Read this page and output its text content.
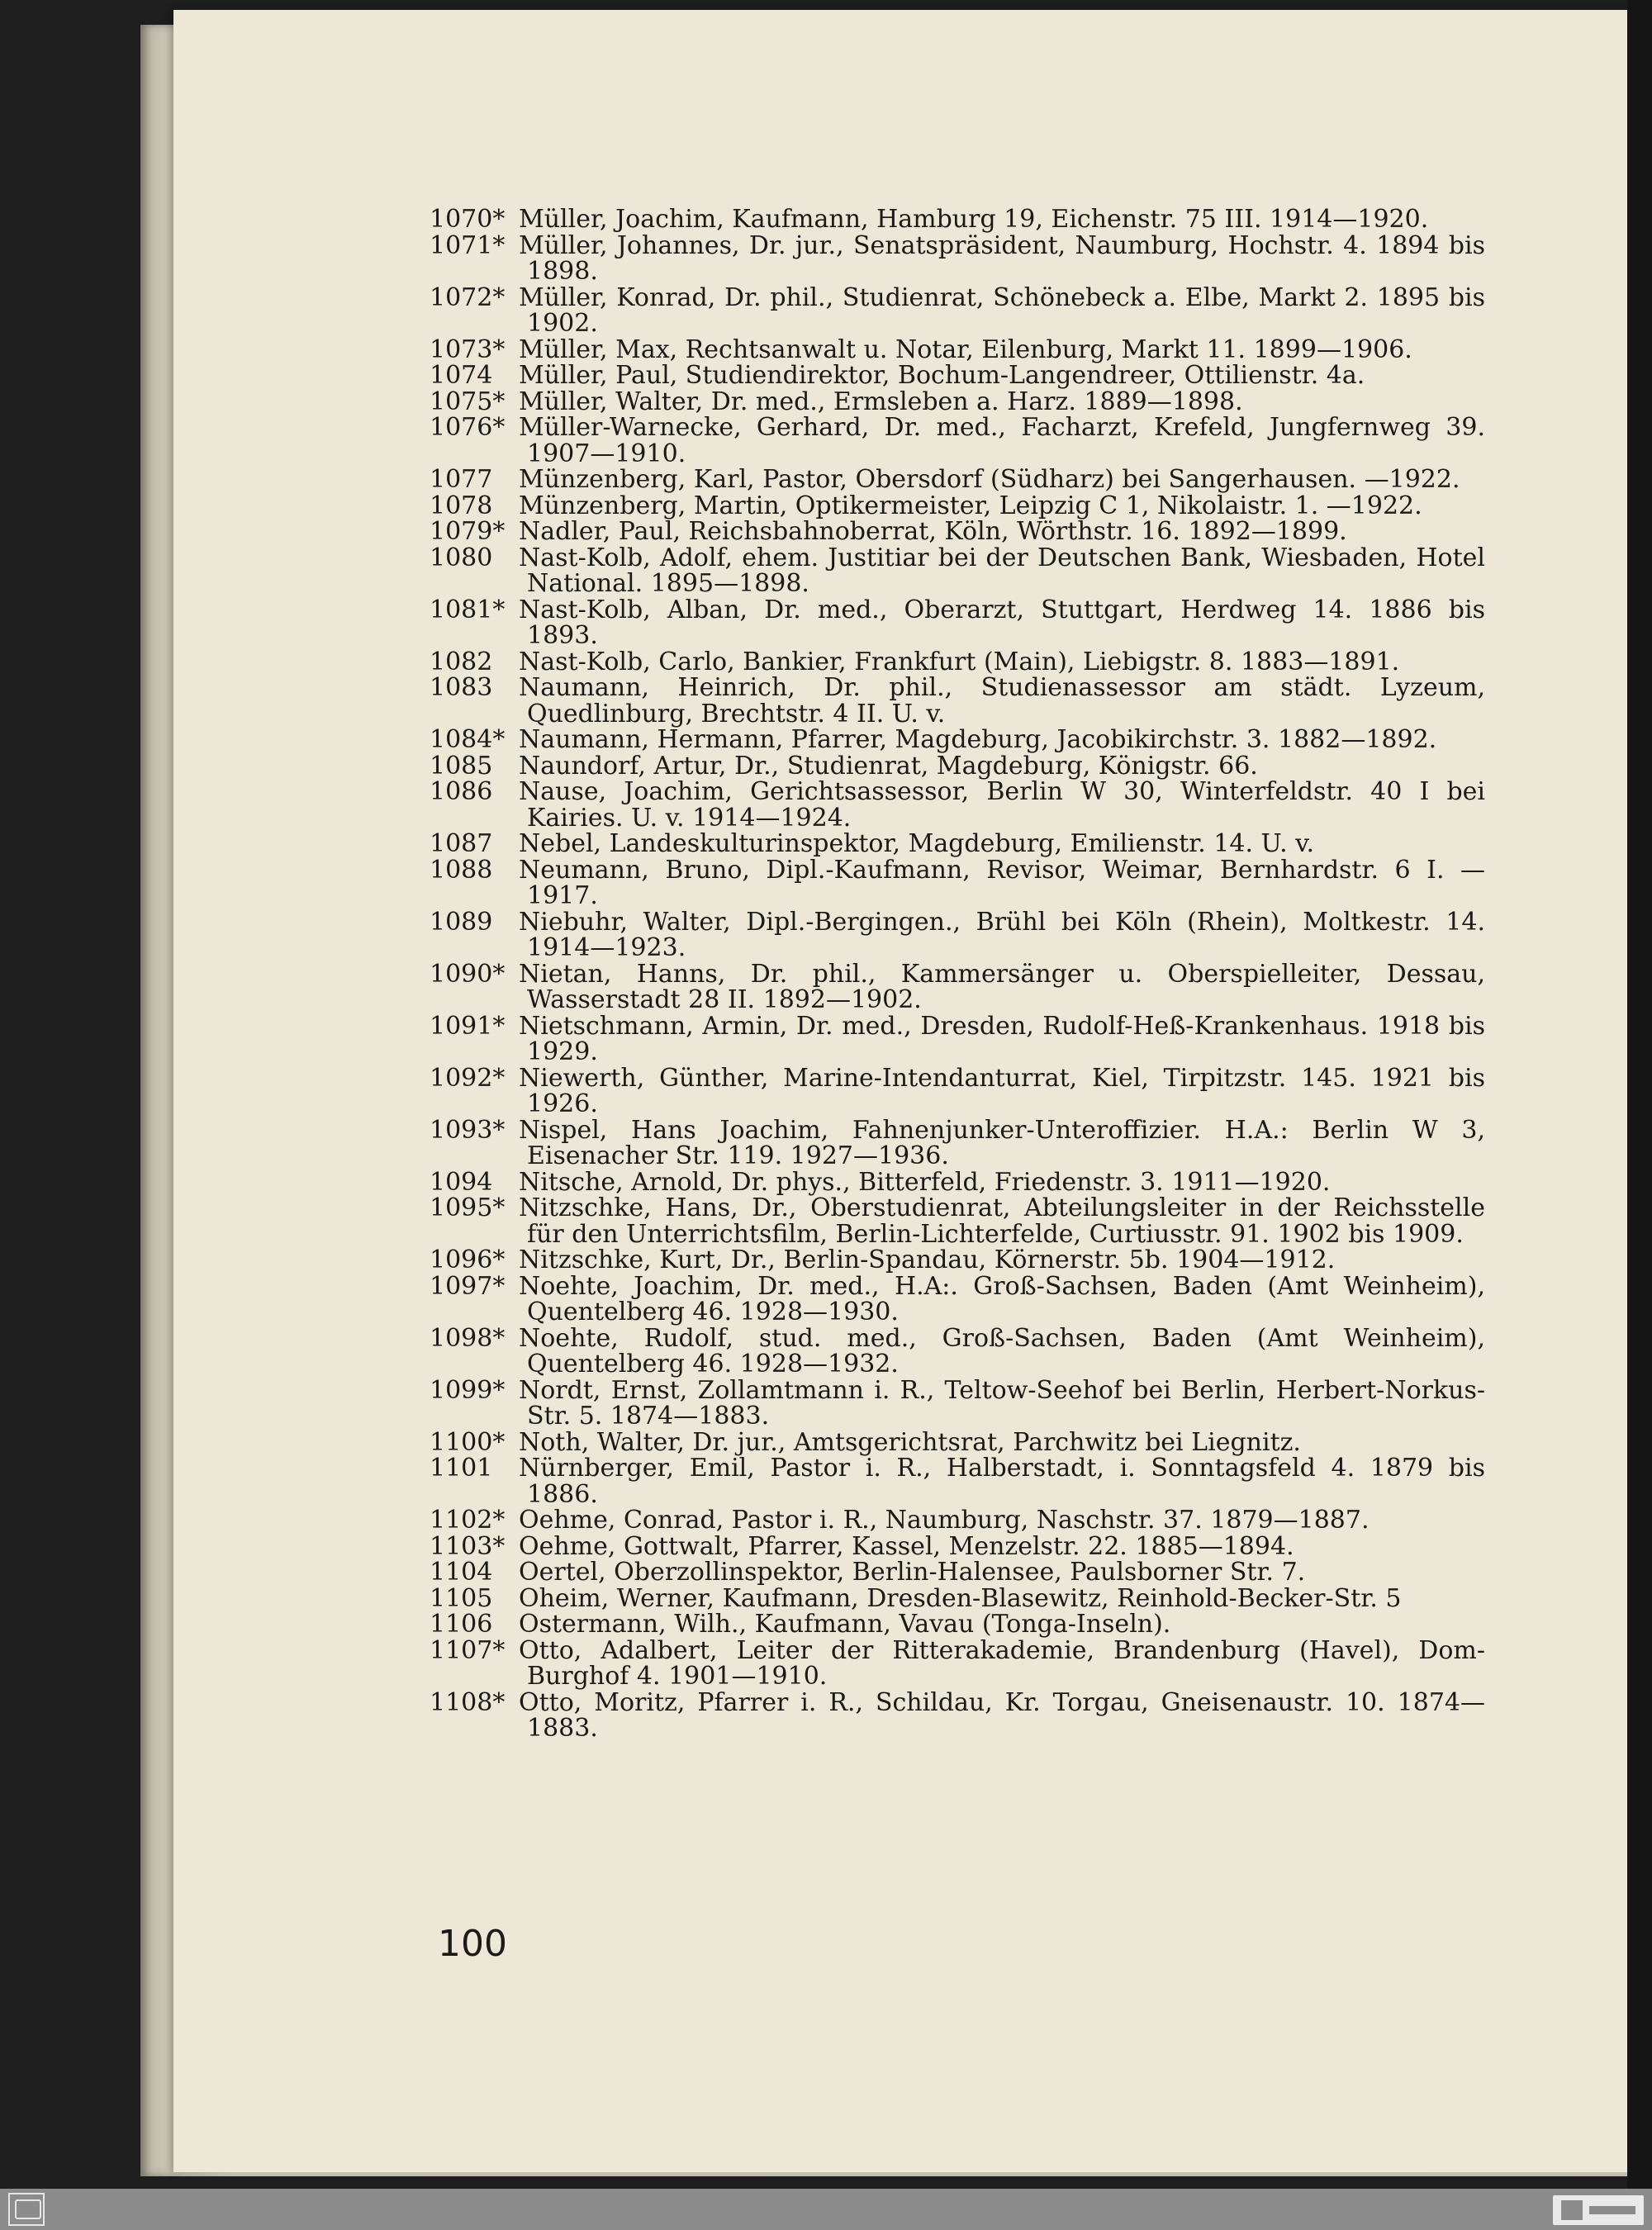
1070* Müller, Joachim, Kaufmann, Hamburg 19, Eichenstr. 75 III. 1914—1920.
1071* Müller, Johannes, Dr. jur., Senatspräsident, Naumburg, Hochstr. 4. 1894 bis 1898.
1072* Müller, Konrad, Dr. phil., Studienrat, Schönebeck a. Elbe, Markt 2. 1895 bis 1902.
1073* Müller, Max, Rechtsanwalt u. Notar, Eilenburg, Markt 11. 1899—1906.
1074 Müller, Paul, Studiendirektor, Bochum-Langendreer, Ottilienstr. 4a.
1075* Müller, Walter, Dr. med., Ermsleben a. Harz. 1889—1898.
1076* Müller-Warnecke, Gerhard, Dr. med., Facharzt, Krefeld, Jungfernweg 39. 1907—1910.
1077 Münzenberg, Karl, Pastor, Obersdorf (Südharz) bei Sangerhausen. —1922.
1078 Münzenberg, Martin, Optikermeister, Leipzig C 1, Nikolaistr. 1. —1922.
1079* Nadler, Paul, Reichsbahnoberrat, Köln, Wörthstr. 16. 1892—1899.
1080 Nast-Kolb, Adolf, ehem. Justitiar bei der Deutschen Bank, Wiesbaden, Hotel National. 1895—1898.
1081* Nast-Kolb, Alban, Dr. med., Oberarzt, Stuttgart, Herdweg 14. 1886 bis 1893.
1082 Nast-Kolb, Carlo, Bankier, Frankfurt (Main), Liebigstr. 8. 1883—1891.
1083 Naumann, Heinrich, Dr. phil., Studienassessor am städt. Lyzeum, Quedlinburg, Brechtstr. 4 II. U. v.
1084* Naumann, Hermann, Pfarrer, Magdeburg, Jacobikirchstr. 3. 1882—1892.
1085 Naundorf, Artur, Dr., Studienrat, Magdeburg, Königstr. 66.
1086 Nause, Joachim, Gerichtsassessor, Berlin W 30, Winterfeldstr. 40 I bei Kairies. U. v. 1914—1924.
1087 Nebel, Landeskulturinspektor, Magdeburg, Emilienstr. 14. U. v.
1088 Neumann, Bruno, Dipl.-Kaufmann, Revisor, Weimar, Bernhardstr. 6 I. —1917.
1089 Niebuhr, Walter, Dipl.-Bergingen., Brühl bei Köln (Rhein), Moltkestr. 14. 1914—1923.
1090* Nietan, Hanns, Dr. phil., Kammersänger u. Oberspielleiter, Dessau, Wasserstadt 28 II. 1892—1902.
1091* Nietschmann, Armin, Dr. med., Dresden, Rudolf-Heß-Krankenhaus. 1918 bis 1929.
1092* Niewerth, Günther, Marine-Intendanturrat, Kiel, Tirpitzstr. 145. 1921 bis 1926.
1093* Nispel, Hans Joachim, Fahnenjunker-Unteroffizier. H.A.: Berlin W 3, Eisenacher Str. 119. 1927—1936.
1094 Nitsche, Arnold, Dr. phys., Bitterfeld, Friedenstr. 3. 1911—1920.
1095* Nitzschke, Hans, Dr., Oberstudienrat, Abteilungsleiter in der Reichsstelle für den Unterrichtsfilm, Berlin-Lichterfelde, Curtiusstr. 91. 1902 bis 1909.
1096* Nitzschke, Kurt, Dr., Berlin-Spandau, Körnerstr. 5b. 1904—1912.
1097* Noehte, Joachim, Dr. med., H.A:. Groß-Sachsen, Baden (Amt Weinheim), Quentelberg 46. 1928—1930.
1098* Noehte, Rudolf, stud. med., Groß-Sachsen, Baden (Amt Weinheim), Quentelberg 46. 1928—1932.
1099* Nordt, Ernst, Zollamtmann i. R., Teltow-Seehof bei Berlin, Herbert-Norkus-Str. 5. 1874—1883.
1100* Noth, Walter, Dr. jur., Amtsgerichtsrat, Parchwitz bei Liegnitz.
1101 Nürnberger, Emil, Pastor i. R., Halberstadt, i. Sonntagsfeld 4. 1879 bis 1886.
1102* Oehme, Conrad, Pastor i. R., Naumburg, Naschstr. 37. 1879—1887.
1103* Oehme, Gottwalt, Pfarrer, Kassel, Menzelstr. 22. 1885—1894.
1104 Oertel, Oberzollinspektor, Berlin-Halensee, Paulsborner Str. 7.
1105 Oheim, Werner, Kaufmann, Dresden-Blasewitz, Reinhold-Becker-Str. 5
1106 Ostermann, Wilh., Kaufmann, Vavau (Tonga-Inseln).
1107* Otto, Adalbert, Leiter der Ritterakademie, Brandenburg (Havel), Dom-Burghof 4. 1901—1910.
1108* Otto, Moritz, Pfarrer i. R., Schildau, Kr. Torgau, Gneisenaustr. 10. 1874—1883.
100
